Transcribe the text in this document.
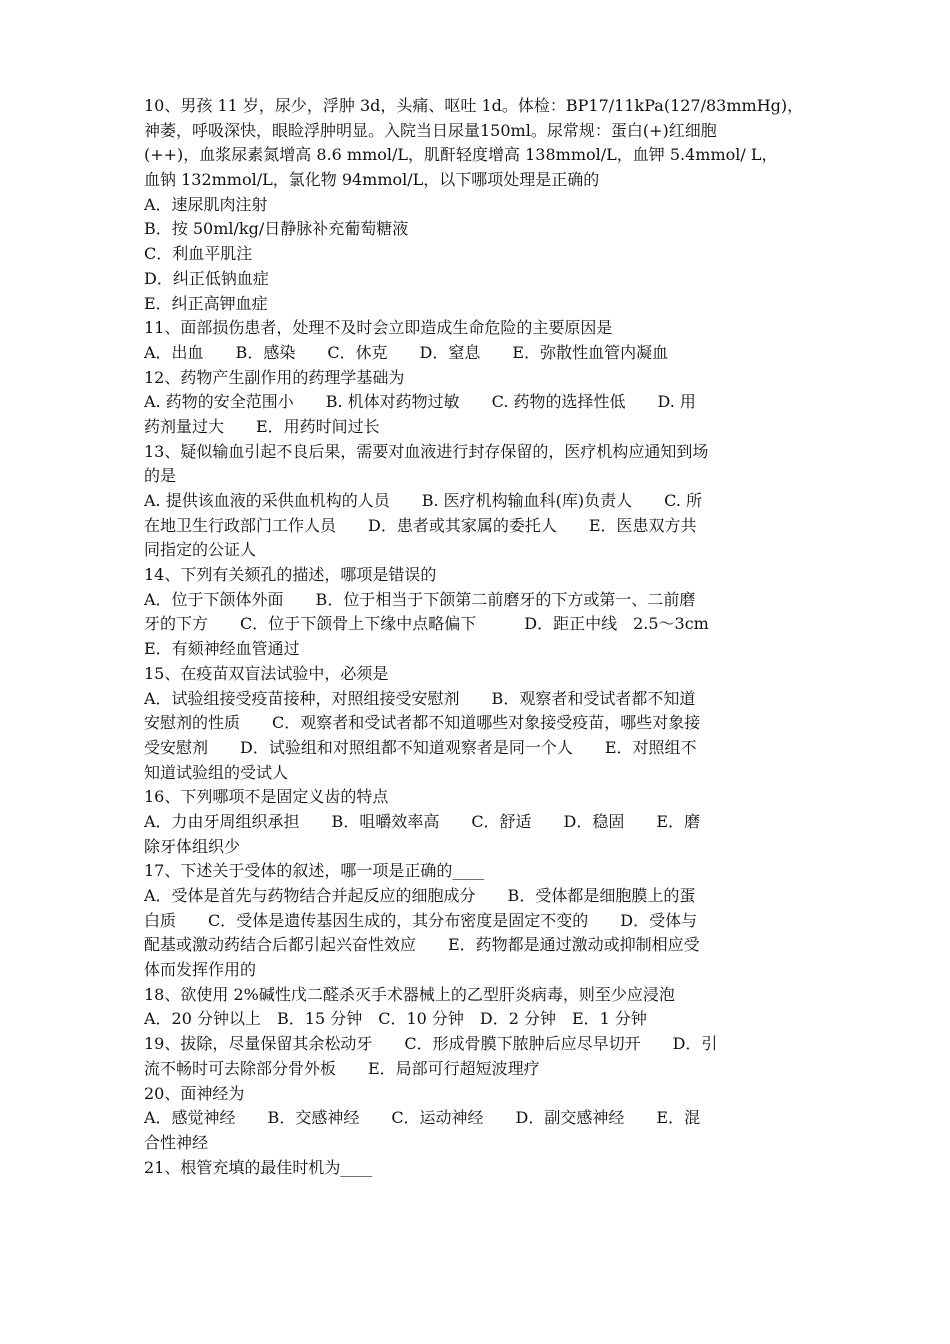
10、男孩 11 岁，尿少，浮肿 3d，头痛、呕吐 1d。体检：BP17/11kPa(127/83mmHg)，
神萎，呼吸深快，眼睑浮肿明显。入院当日尿量150ml。尿常规：蛋白(+)红细胞
(++)，血浆尿素氮增高 8.6 mmol/L，肌酐轻度增高 138mmol/L，血钾 5.4mmol/ L，
血钠 132mmol/L，氯化物 94mmol/L，以下哪项处理是正确的
A．速尿肌肉注射
B．按 50ml/kg/日静脉补充葡萄糖液
C．利血平肌注
D．纠正低钠血症
E．纠正高钾血症
11、面部损伤患者，处理不及时会立即造成生命危险的主要原因是
A．出血　　B．感染　　C．休克　　D．窒息　　E．弥散性血管内凝血
12、药物产生副作用的药理学基础为
A. 药物的安全范围小　　B. 机体对药物过敏　　C. 药物的选择性低　　D. 用
药剂量过大　　E．用药时间过长
13、疑似输血引起不良后果，需要对血液进行封存保留的，医疗机构应通知到场
的是
A. 提供该血液的采供血机构的人员　　B. 医疗机构输血科(库)负责人　　C. 所
在地卫生行政部门工作人员　　D．患者或其家属的委托人　　E．医患双方共
同指定的公证人
14、下列有关颏孔的描述，哪项是错误的
A．位于下颌体外面　　B．位于相当于下颌第二前磨牙的下方或第一、二前磨
牙的下方　　C．位于下颌骨上下缘中点略偏下　　　D．距正中线　2.5～3cm
E．有颏神经血管通过
15、在疫苗双盲法试验中，必须是
A．试验组接受疫苗接种，对照组接受安慰剂　　B．观察者和受试者都不知道
安慰剂的性质　　C．观察者和受试者都不知道哪些对象接受疫苗，哪些对象接
受安慰剂　　D．试验组和对照组都不知道观察者是同一个人　　E．对照组不
知道试验组的受试人
16、下列哪项不是固定义齿的特点
A．力由牙周组织承担　　B．咀嚼效率高　　C．舒适　　D．稳固　　E．磨
除牙体组织少
17、下述关于受体的叙述，哪一项是正确的____
A．受体是首先与药物结合并起反应的细胞成分　　B．受体都是细胞膜上的蛋
白质　　C．受体是遗传基因生成的，其分布密度是固定不变的　　D．受体与
配基或激动药结合后都引起兴奋性效应　　E．药物都是通过激动或抑制相应受
体而发挥作用的
18、欲使用 2%碱性戊二醛杀灭手术器械上的乙型肝炎病毒，则至少应浸泡
A．20 分钟以上　B．15 分钟　C．10 分钟　D．2 分钟　E．1 分钟
19、拔除，尽量保留其余松动牙　　C．形成骨膜下脓肿后应尽早切开　　D．引
流不畅时可去除部分骨外板　　E．局部可行超短波理疗
20、面神经为
A．感觉神经　　B．交感神经　　C．运动神经　　D．副交感神经　　E．混
合性神经
21、根管充填的最佳时机为____
